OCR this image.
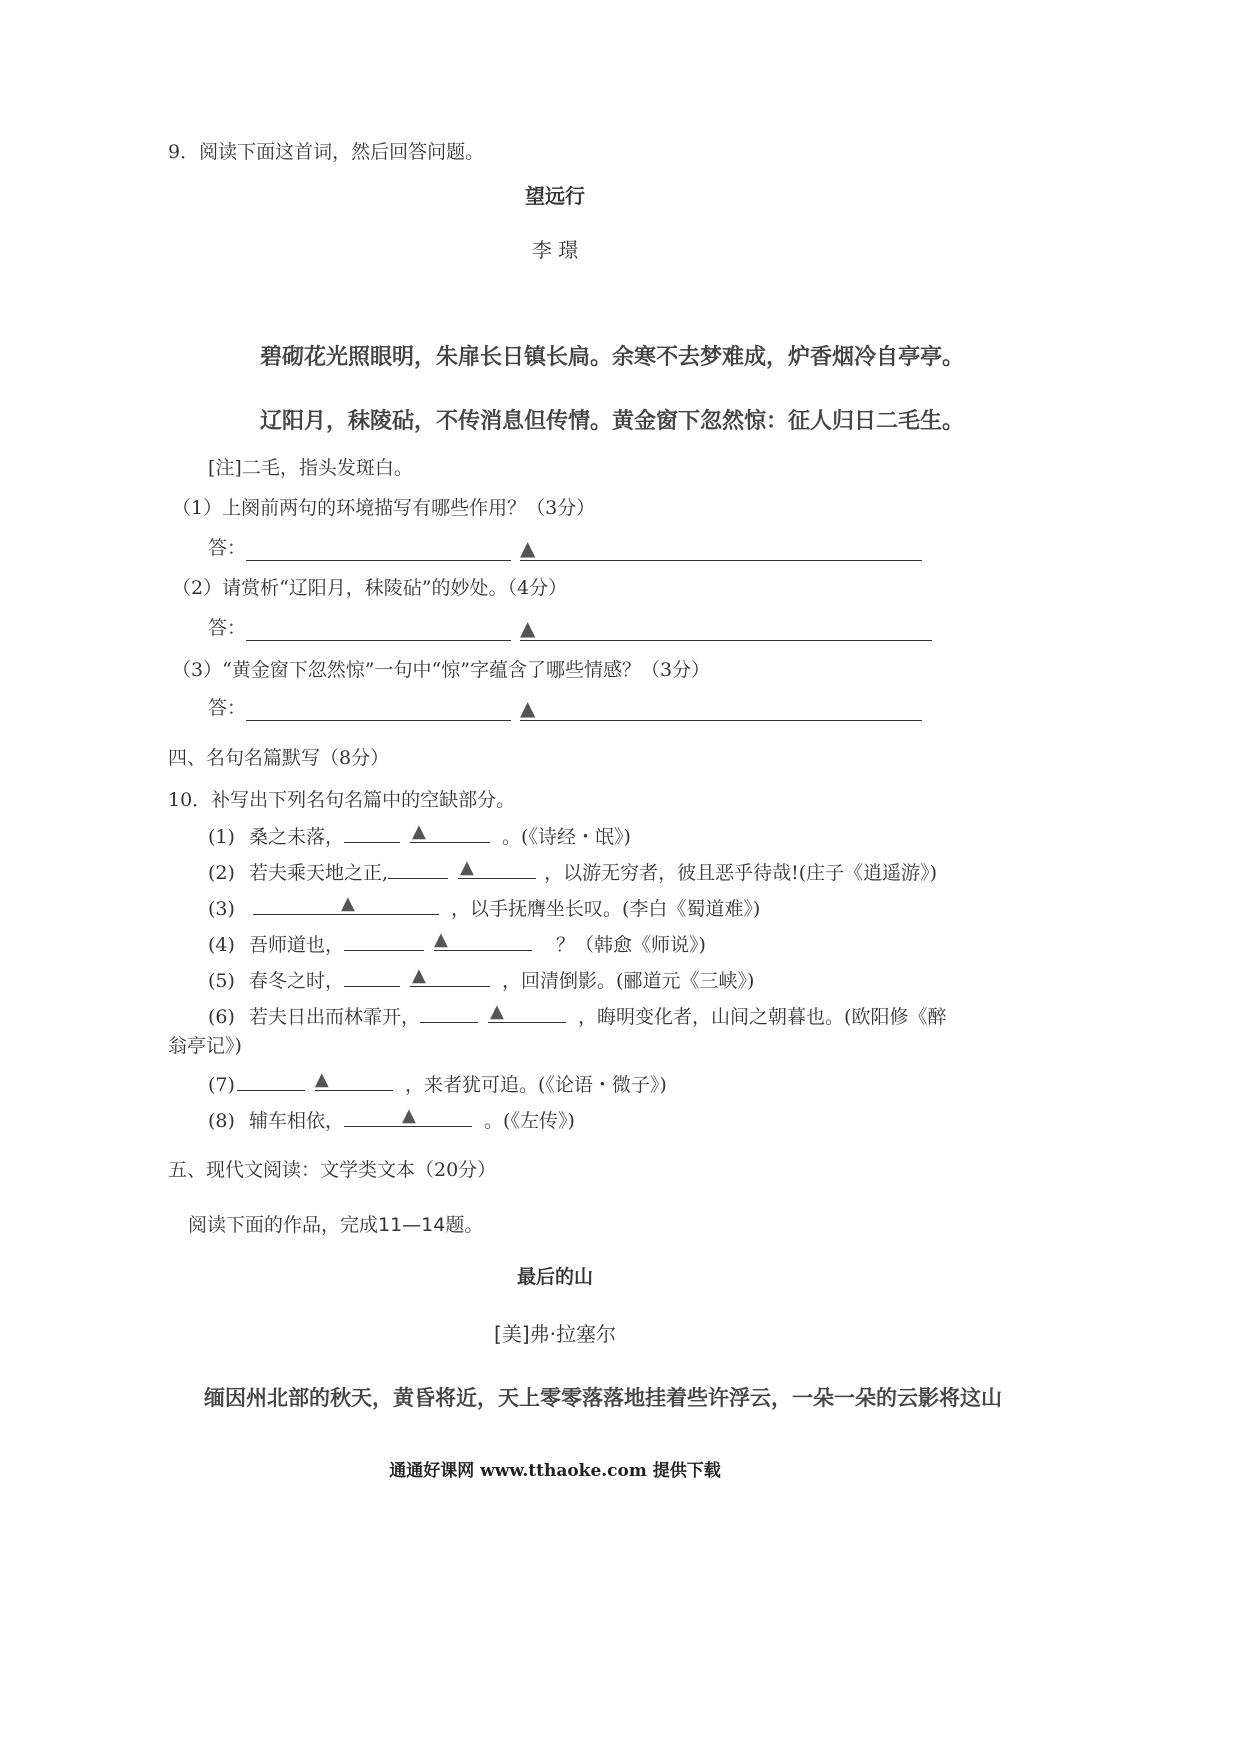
9．阅读下面这首词，然后回答问题。
望远行
李 璟
碧砌花光照眼明，朱扉长日镇长扃。余寒不去梦难成，炉香烟冷自亭亭。
辽阳月，秣陵砧，不传消息但传情。黄金窗下忽然惊：征人归日二毛生。
[注]二毛，指头发斑白。
（1）上阕前两句的环境描写有哪些作用？（3分）
答：	▲
（2）请赏析“辽阳月，秣陵砧”的妙处。（4分）
答：	▲
（3）“黄金窗下忽然惊”一句中“惊”字蕴含了哪些情感？（3分）
答：	▲
四、名句名篇默写（8分）
10．补写出下列名句名篇中的空缺部分。
(1) 桑之未落，	▲	。(《诗经・氓》)
(2) 若夫乘天地之正,	▲	，以游无穷者，彼且恶乎待哉!(庄子《逍遥游》)
(3)	▲	，以手抚膺坐长叹。(李白《蜀道难》)
(4) 吾师道也，	▲	？（韩愈《师说》)
(5) 春冬之时，	▲	，回清倒影。(郦道元《三峡》)
(6) 若夫日出而林霏开，	▲	，晦明变化者，山间之朝暮也。(欧阳修《醉
翁亭记》)
(7)	▲	，来者犹可追。(《论语・微子》)
(8) 辅车相依，	▲	。(《左传》)
五、现代文阅读：文学类文本（20分）
阅读下面的作品，完成11—14题。
最后的山
[美]弗·拉塞尔
缅因州北部的秋天，黄昏将近，天上零零落落地挂着些许浮云，一朵一朵的云影将这山
通通好课网 www.tthaoke.com 提供下载
